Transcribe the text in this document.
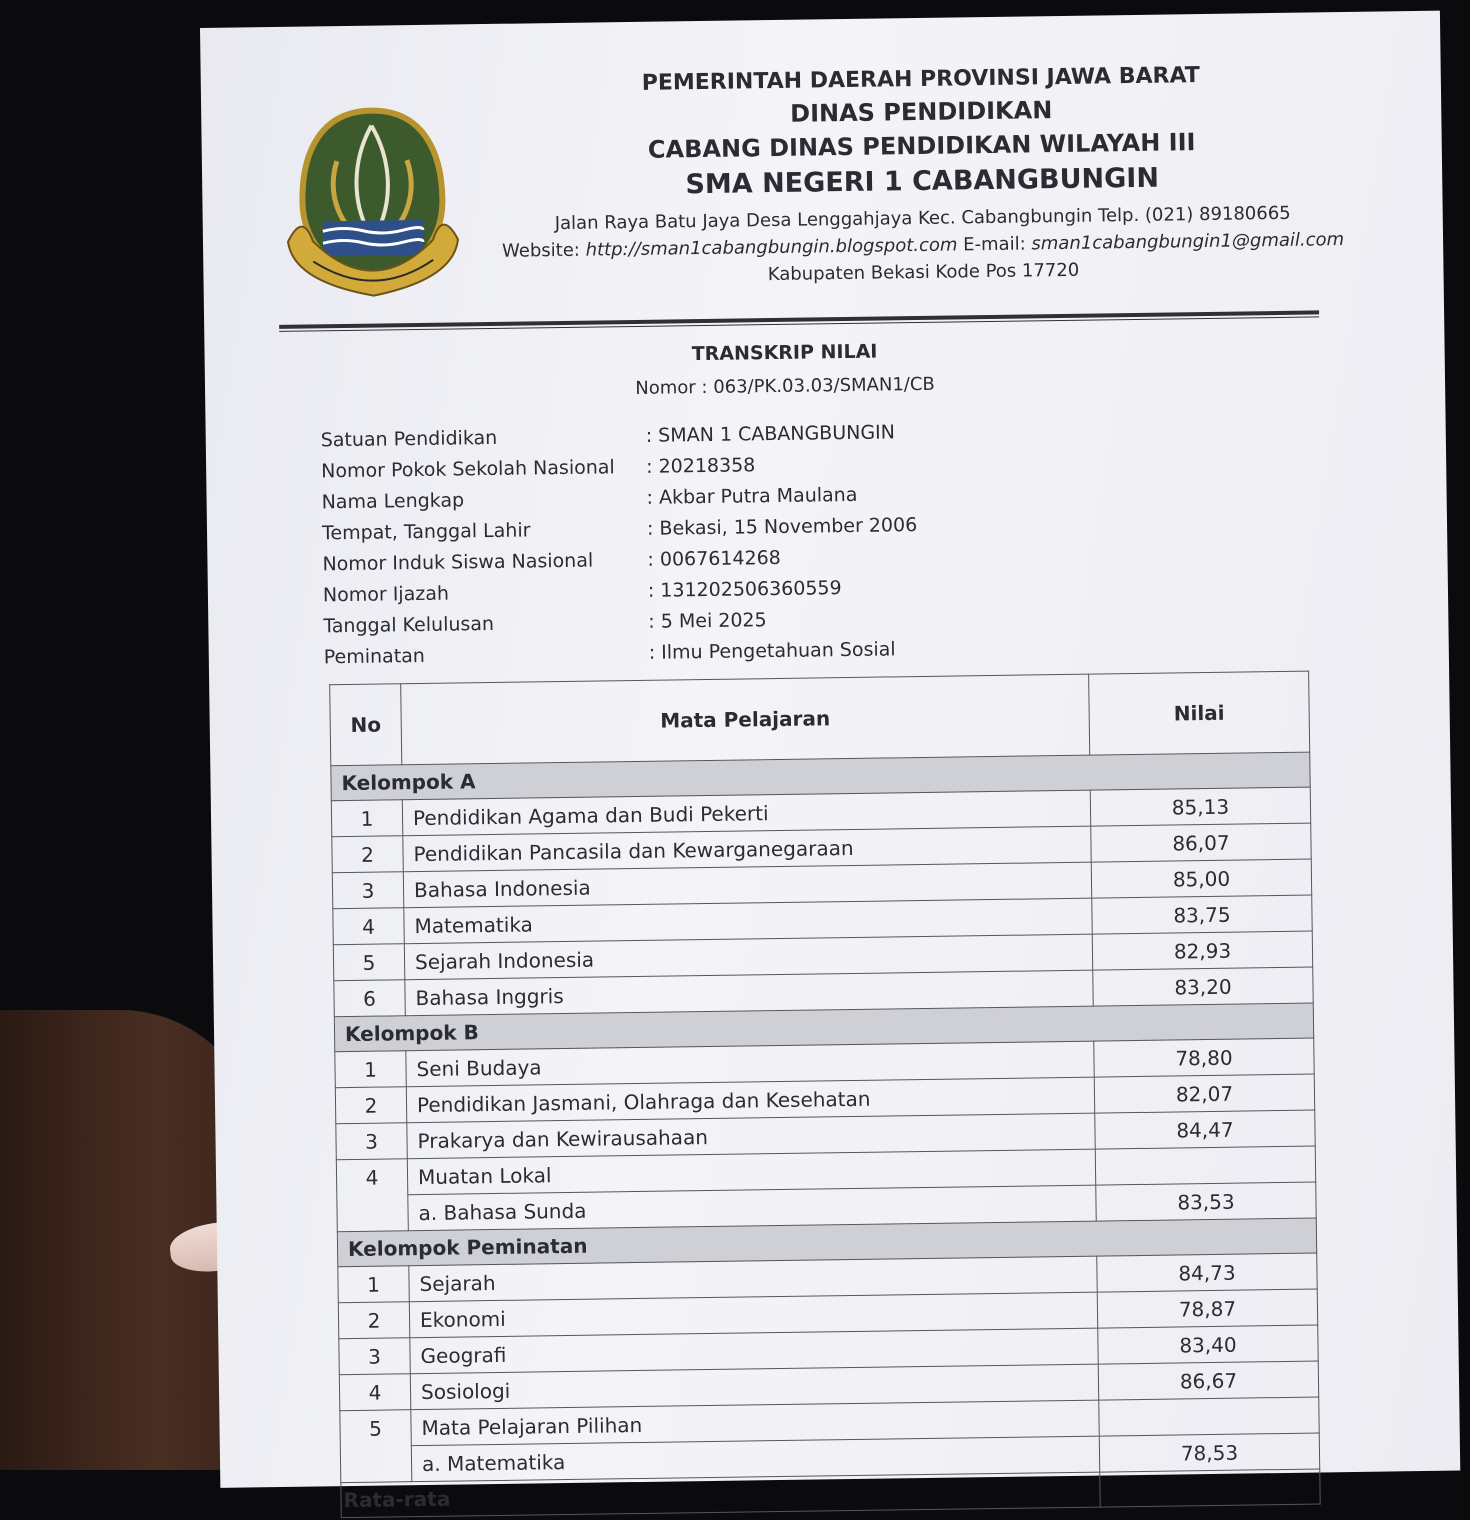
PEMERINTAH DAERAH PROVINSI JAWA BARAT
DINAS PENDIDIKAN
CABANG DINAS PENDIDIKAN WILAYAH III
SMA NEGERI 1 CABANGBUNGIN
Jalan Raya Batu Jaya Desa Lenggahjaya Kec. Cabangbungin Telp. (021) 89180665
Website: http://sman1cabangbungin.blogspot.com E-mail: sman1cabangbungin1@gmail.com
Kabupaten Bekasi Kode Pos 17720
TRANSKRIP NILAI
Nomor : 063/PK.03.03/SMAN1/CB
Satuan Pendidikan	: SMAN 1 CABANGBUNGIN
Nomor Pokok Sekolah Nasional	: 20218358
Nama Lengkap	: Akbar Putra Maulana
Tempat, Tanggal Lahir	: Bekasi, 15 November 2006
Nomor Induk Siswa Nasional	: 0067614268
Nomor Ijazah	: 131202506360559
Tanggal Kelulusan	: 5 Mei 2025
Peminatan	: Ilmu Pengetahuan Sosial
No	Mata Pelajaran	Nilai
Kelompok A		
1	Pendidikan Agama dan Budi Pekerti	85,13
2	Pendidikan Pancasila dan Kewarganegaraan	86,07
3	Bahasa Indonesia	85,00
4	Matematika	83,75
5	Sejarah Indonesia	82,93
6	Bahasa Inggris	83,20
Kelompok B		
1	Seni Budaya	78,80
2	Pendidikan Jasmani, Olahraga dan Kesehatan	82,07
3	Prakarya dan Kewirausahaan	84,47
4	Muatan Lokal	
	a. Bahasa Sunda	83,53
Kelompok Peminatan		
1	Sejarah	84,73
2	Ekonomi	78,87
3	Geografi	83,40
4	Sosiologi	86,67
5	Mata Pelajaran Pilihan	
	a. Matematika	78,53
Rata-rata		
